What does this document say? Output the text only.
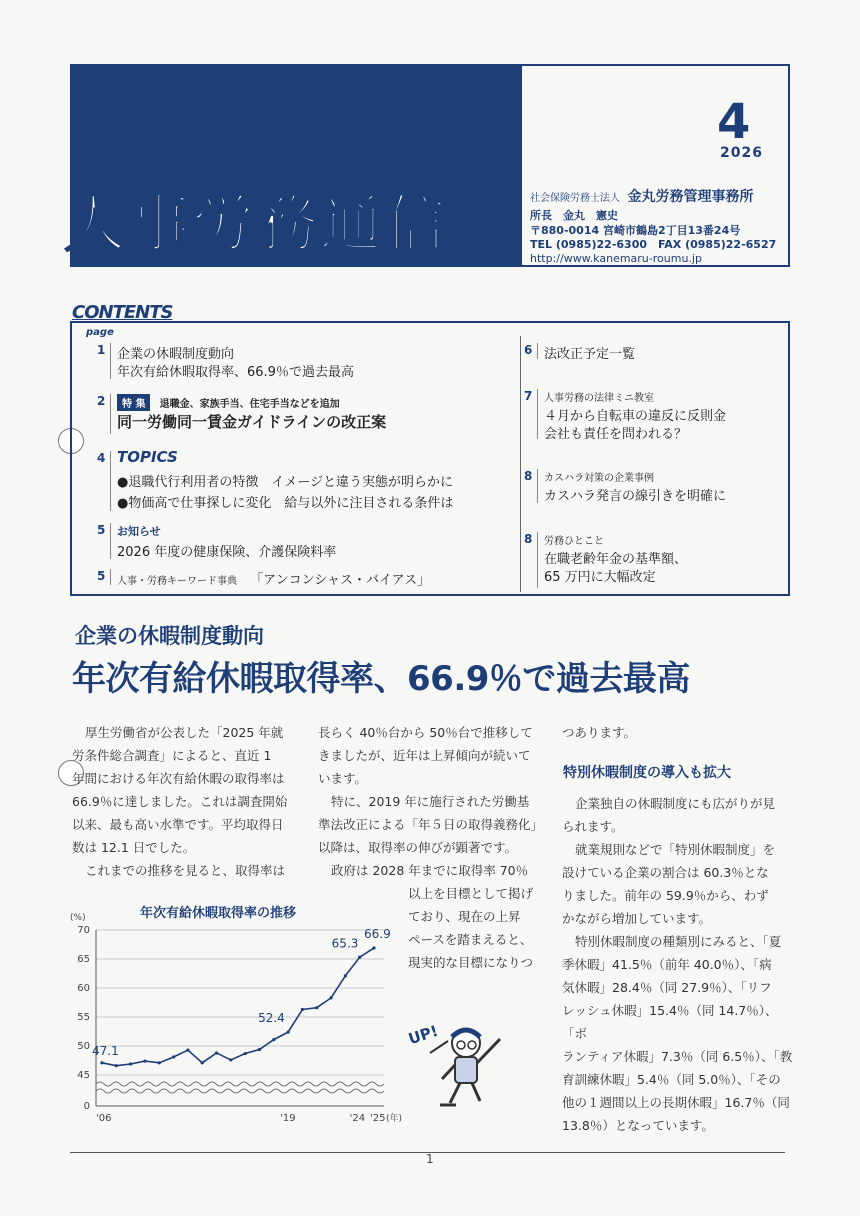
人事労務通信
4
2026
社会保険労務士法人 金丸労務管理事務所
所長　金丸　憲史
〒880-0014 宮崎市鶴島2丁目13番24号
TEL (0985)22-6300　FAX (0985)22-6527
http://www.kanemaru-roumu.jp
CONTENTS
page
1 企業の休暇制度動向
年次有給休暇取得率、66.9％で過去最高
2	特 集 退職金、家族手当、住宅手当などを追加
同一労働同一賃金ガイドラインの改正案
4 TOPICS
●退職代行利用者の特徴　イメージと違う実態が明らかに
●物価高で仕事探しに変化　給与以外に注目される条件は
5 お知らせ
2026 年度の健康保険、介護保険料率
5 人事・労務キーワード事典 「アンコンシャス・バイアス」
6 法改正予定一覧
7 人事労務の法律ミニ教室
４月から自転車の違反に反則金
会社も責任を問われる？
8 カスハラ対策の企業事例
カスハラ発言の線引きを明確に
8 労務ひとこと
在職老齢年金の基準額、
65 万円に大幅改定
企業の休暇制度動向
年次有給休暇取得率、66.9％で過去最高
厚生労働省が公表した「2025 年就
労条件総合調査」によると、直近 1
年間における年次有給休暇の取得率は
66.9％に達しました。これは調査開始
以来、最も高い水準です。平均取得日
数は 12.1 日でした。
これまでの推移を見ると、取得率は
長らく 40％台から 50％台で推移して
きましたが、近年は上昇傾向が続いて
います。
特に、2019 年に施行された労働基
準法改正による「年５日の取得義務化」
以降は、取得率の伸びが顕著です。
政府は 2028 年までに取得率 70％
以上を目標として掲げ
ており、現在の上昇
ペースを踏まえると、
現実的な目標になりつ
UP!
つあります。
特別休暇制度の導入も拡大
企業独自の休暇制度にも広がりが見
られます。
就業規則などで「特別休暇制度」を
設けている企業の割合は 60.3％とな
りました。前年の 59.9％から、わず
かながら増加しています。
特別休暇制度の種類別にみると、「夏
季休暇」41.5％（前年 40.0％）、「病
気休暇」28.4％（同 27.9％）、「リフ
レッシュ休暇」15.4％（同 14.7％）、「ボ
ランティア休暇」7.3％（同 6.5％）、「教
育訓練休暇」5.4％（同 5.0％）、「その
他の１週間以上の長期休暇」16.7％（同
13.8％）となっています。
年次有給休暇取得率の推移
(%)
70
65
60
55
50
45
0
47.1
52.4
65.3
66.9
'06	'19	'24 '25 (年)
1
